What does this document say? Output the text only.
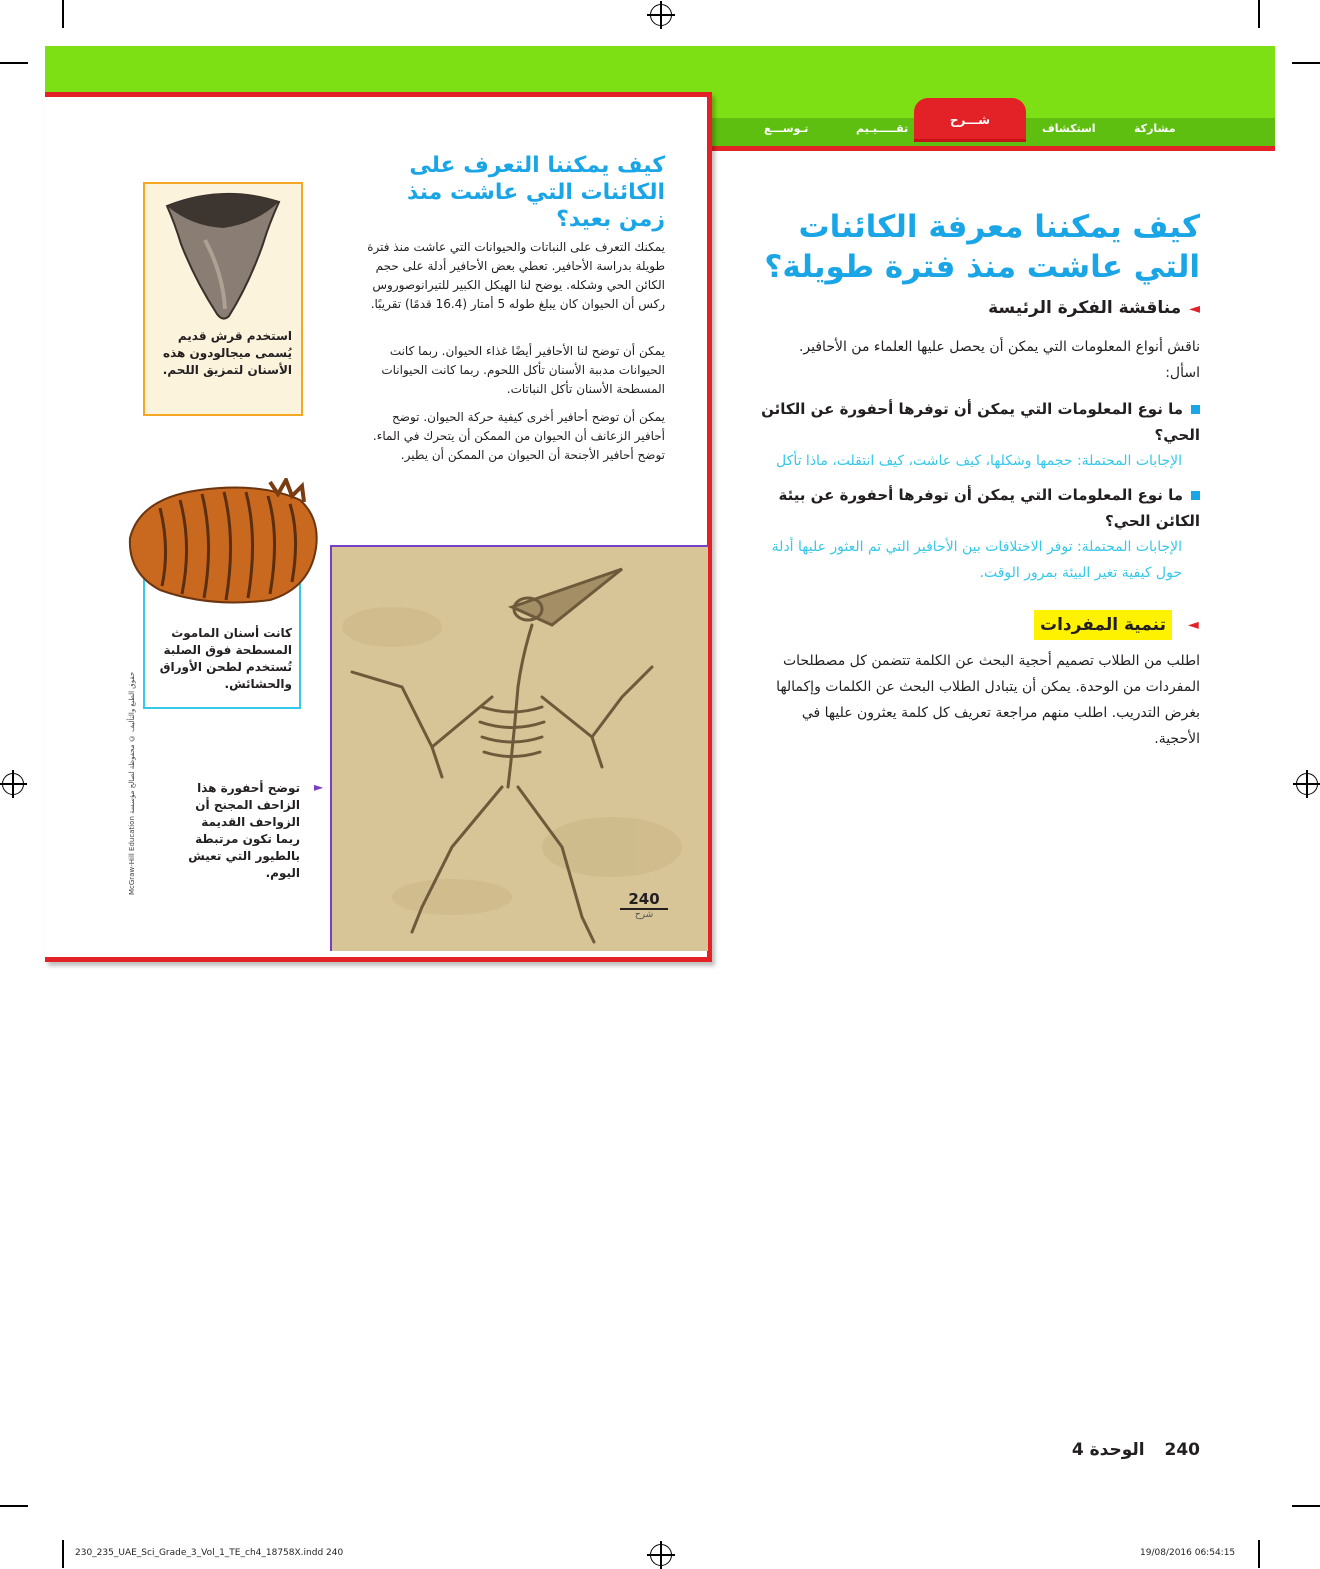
تـوســـع	تقـــــيـيم	استكشاف	مشاركة
شـــرح
كيف يمكننا التعرف على الكائنات التي عاشت منذ زمن بعيد؟
يمكنك التعرف على النباتات والحيوانات التي عاشت منذ فترة طويلة بدراسة الأحافير. تعطي بعض الأحافير أدلة على حجم الكائن الحي وشكله. يوضح لنا الهيكل الكبير للتيرانوصوروس ركس أن الحيوان كان يبلغ طوله 5 أمتار (16.4 قدمًا) تقريبًا.
يمكن أن توضح لنا الأحافير أيضًا غذاء الحيوان. ربما كانت الحيوانات مدببة الأسنان تأكل اللحوم. ربما كانت الحيوانات المسطحة الأسنان تأكل النباتات.
يمكن أن توضح أحافير أخرى كيفية حركة الحيوان. توضح أحافير الزعانف أن الحيوان من الممكن أن يتحرك في الماء. توضح أحافير الأجنحة أن الحيوان من الممكن أن يطير.
استخدم قرش قديم يُسمى ميجالودون هذه الأسنان لتمزيق اللحم.
كانت أسنان الماموث المسطحة فوق الصلبة تُستخدم لطحن الأوراق والحشائش.
►
توضح أحفورة هذا الزاحف المجنح أن الزواحف القديمة ربما تكون مرتبطة بالطيور التي تعيش اليوم.
McGraw-Hill Education حقوق الطبع والتأليف © محفوظة لصالح مؤسسة
240
شرح
كيف يمكننا معرفة الكائنات التي عاشت منذ فترة طويلة؟
◄مناقشة الفكرة الرئيسة
ناقش أنواع المعلومات التي يمكن أن يحصل عليها العلماء من الأحافير. اسأل:
ما نوع المعلومات التي يمكن أن توفرها أحفورة عن الكائن الحي؟
الإجابات المحتملة: حجمها وشكلها، كيف عاشت، كيف انتقلت، ماذا تأكل
ما نوع المعلومات التي يمكن أن توفرها أحفورة عن بيئة الكائن الحي؟
الإجابات المحتملة: توفر الاختلافات بين الأحافير التي تم العثور عليها أدلة حول كيفية تغير البيئة بمرور الوقت.
◄
تنمية المفردات
اطلب من الطلاب تصميم أحجية البحث عن الكلمة تتضمن كل مصطلحات المفردات من الوحدة. يمكن أن يتبادل الطلاب البحث عن الكلمات وإكمالها بغرض التدريب. اطلب منهم مراجعة تعريف كل كلمة يعثرون عليها في الأحجية.
240 الوحدة 4
230_235_UAE_Sci_Grade_3_Vol_1_TE_ch4_18758X.indd 240	19/08/2016 06:54:15
